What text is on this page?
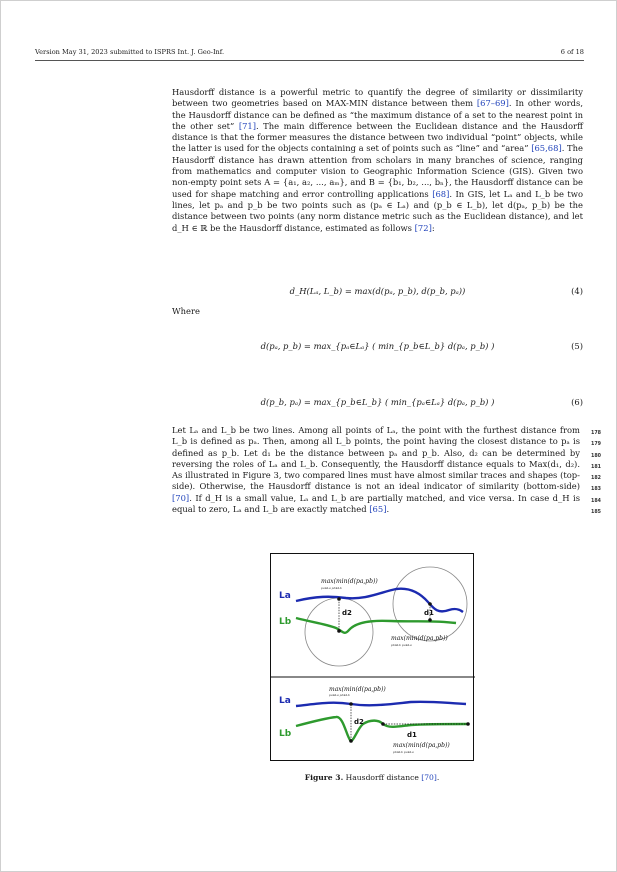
Version May 31, 2023 submitted to ISPRS Int. J. Geo-Inf.	6 of 18

Hausdorff distance is a powerful metric to quantify the degree of similarity or dissimilarity between two geometries based on MAX-MIN distance between them [67–69]. In other words, the Hausdorff distance can be defined as “the maximum distance of a set to the nearest point in the other set” [71]. The main difference between the Euclidean distance and the Hausdorff distance is that the former measures the distance between two individual “point” objects, while the latter is used for the objects containing a set of points such as “line” and “area” [65,68]. The Hausdorff distance has drawn attention from scholars in many branches of science, ranging from mathematics and computer vision to Geographic Information Science (GIS). Given two non-empty point sets A = {a₁, a₂, ..., aₘ}, and B = {b₁, b₂, ..., bₙ}, the Hausdorff distance can be used for shape matching and error controlling applications [68]. In GIS, let Lₐ and L_b be two lines, let pₐ and p_b be two points such as (pₐ ∈ Lₐ) and (p_b ∈ L_b), let d(pₐ, p_b) be the distance between two points (any norm distance metric such as the Euclidean distance), and let d_H ∈ ℝ be the Hausdorff distance, estimated as follows [72]:

d_H(Lₐ, L_b) = max(d(pₐ, p_b), d(p_b, pₐ))	(4)
Where
d(pₐ, p_b) = max_{pₐ∈Lₐ} ( min_{p_b∈L_b} d(pₐ, p_b) )	(5)
d(p_b, pₐ) = max_{p_b∈L_b} ( min_{pₐ∈Lₐ} d(pₐ, p_b) )	(6)

Let Lₐ and L_b be two lines. Among all points of Lₐ, the point with the furthest distance from L_b is defined as pₐ. Then, among all L_b points, the point having the closest distance to pₐ is defined as p_b. Let d₁ be the distance between pₐ and p_b. Also, d₂ can be determined by reversing the roles of Lₐ and L_b. Consequently, the Hausdorff distance equals to Max(d₁, d₂). As illustrated in Figure 3, two compared lines must have almost similar traces and shapes (top-side). Otherwise, the Hausdorff distance is not an ideal indicator of similarity (bottom-side) [70]. If d_H is a small value, Lₐ and L_b are partially matched, and vice versa. In case d_H is equal to zero, Lₐ and L_b are exactly matched [65].

178
179
180
181
182
183
184
185
La
Lb
d2	d1
max(min(d(pa,pb))
pa∈La pb∈Lb
max(min(d(pa,pb))
pb∈Lb pa∈La
La
Lb
d2
d1
max(min(d(pa,pb))
pa∈La pb∈Lb
max(min(d(pa,pb))
pb∈Lb pa∈La
Figure 3. Hausdorff distance [70].
